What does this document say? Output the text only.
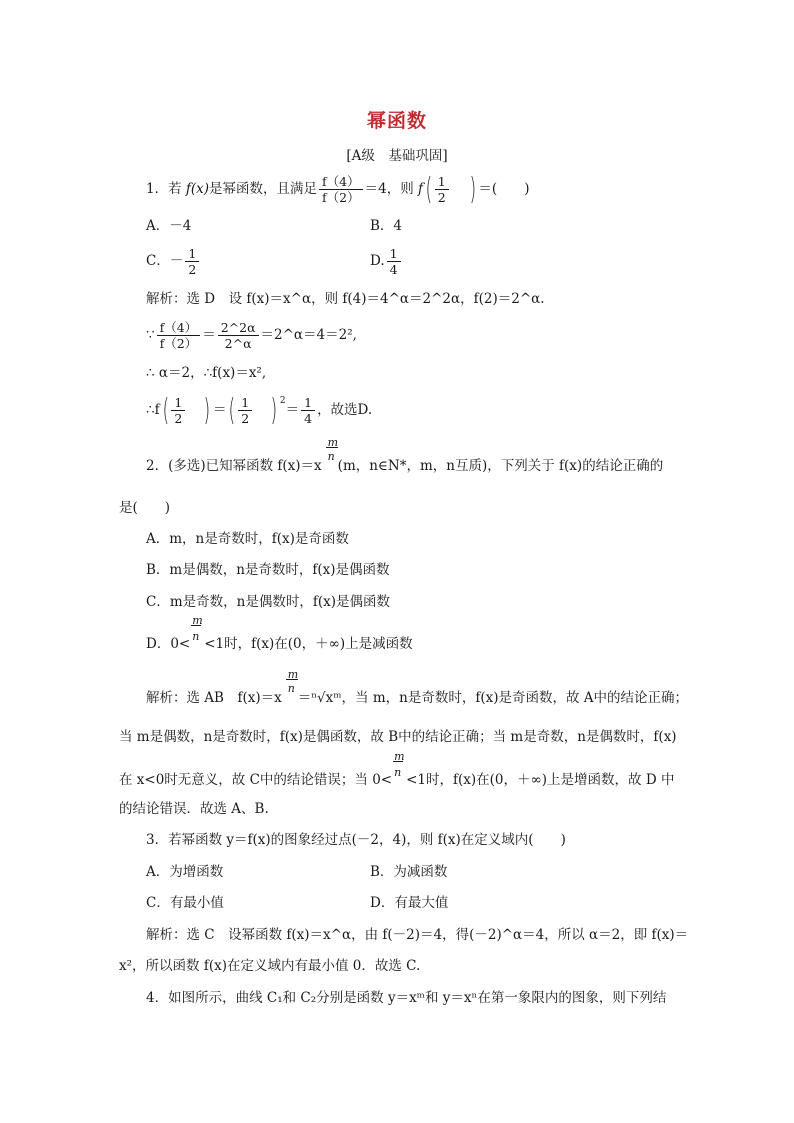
幂函数
[A级　基础巩固]
1．若 f(x)是幂函数，且满足 $\frac{f(4)}{f(2)} =4$，则 $f( \frac{1}{2}$ ) ＝(　　)
A．－4	B．4
C．－ $\frac{1}{2}$	D. $\frac{1}{4}$
解析：选 D　设 f(x)＝x^α，则 f(4)＝4^α＝2^2α，f(2)＝2^α.
∵ $\frac{f(4)}{f(2)} = \frac{2\^{}2\alpha}{2\^{}\alpha}$ ＝2^α＝4＝2²,
∴ α＝2，∴f(x)＝x²,
∴f( $\frac{1}{2}$ ) ＝( $\frac{1}{2}$ ) $^2= \frac{1}{4}$ ，故选D.
2．(多选)已知幂函数 $f(x)=x \frac{m}{n} (m$，n∈N*，m，n互质)，下列关于 f(x)的结论正确的
是(　　)
A．m，n是奇数时，f(x)是奇函数
B．m是偶数，n是奇数时，f(x)是偶函数
C．m是奇数，n是偶数时，f(x)是偶函数
D．$0< \frac{m}{n} <1$时，f(x)在(0，＋∞)上是减函数
解析：选 AB　$f(x)=x \frac{m}{n}$ ＝ⁿ√xᵐ，当 m，n是奇数时，f(x)是奇函数，故 A中的结论正确；
当 m是偶数，n是奇数时，f(x)是偶函数，故 B中的结论正确；当 m是奇数，n是偶数时，f(x)
在 x<0时无意义，故 C中的结论错误；当 $0< \frac{m}{n} <1$时，f(x)在(0，＋∞)上是增函数，故 D 中
的结论错误．故选 A、B.
3．若幂函数 y＝f(x)的图象经过点(－2，4)，则 f(x)在定义域内(　　)
A．为增函数	B．为减函数
C．有最小值	D．有最大值
解析：选 C　设幂函数 f(x)＝x^α，由 f(－2)＝4，得(－2)^α＝4，所以 α＝2，即 f(x)＝
x²，所以函数 f(x)在定义域内有最小值 0．故选 C.
4．如图所示，曲线 C₁和 C₂分别是函数 y＝xᵐ和 y＝xⁿ在第一象限内的图象，则下列结
